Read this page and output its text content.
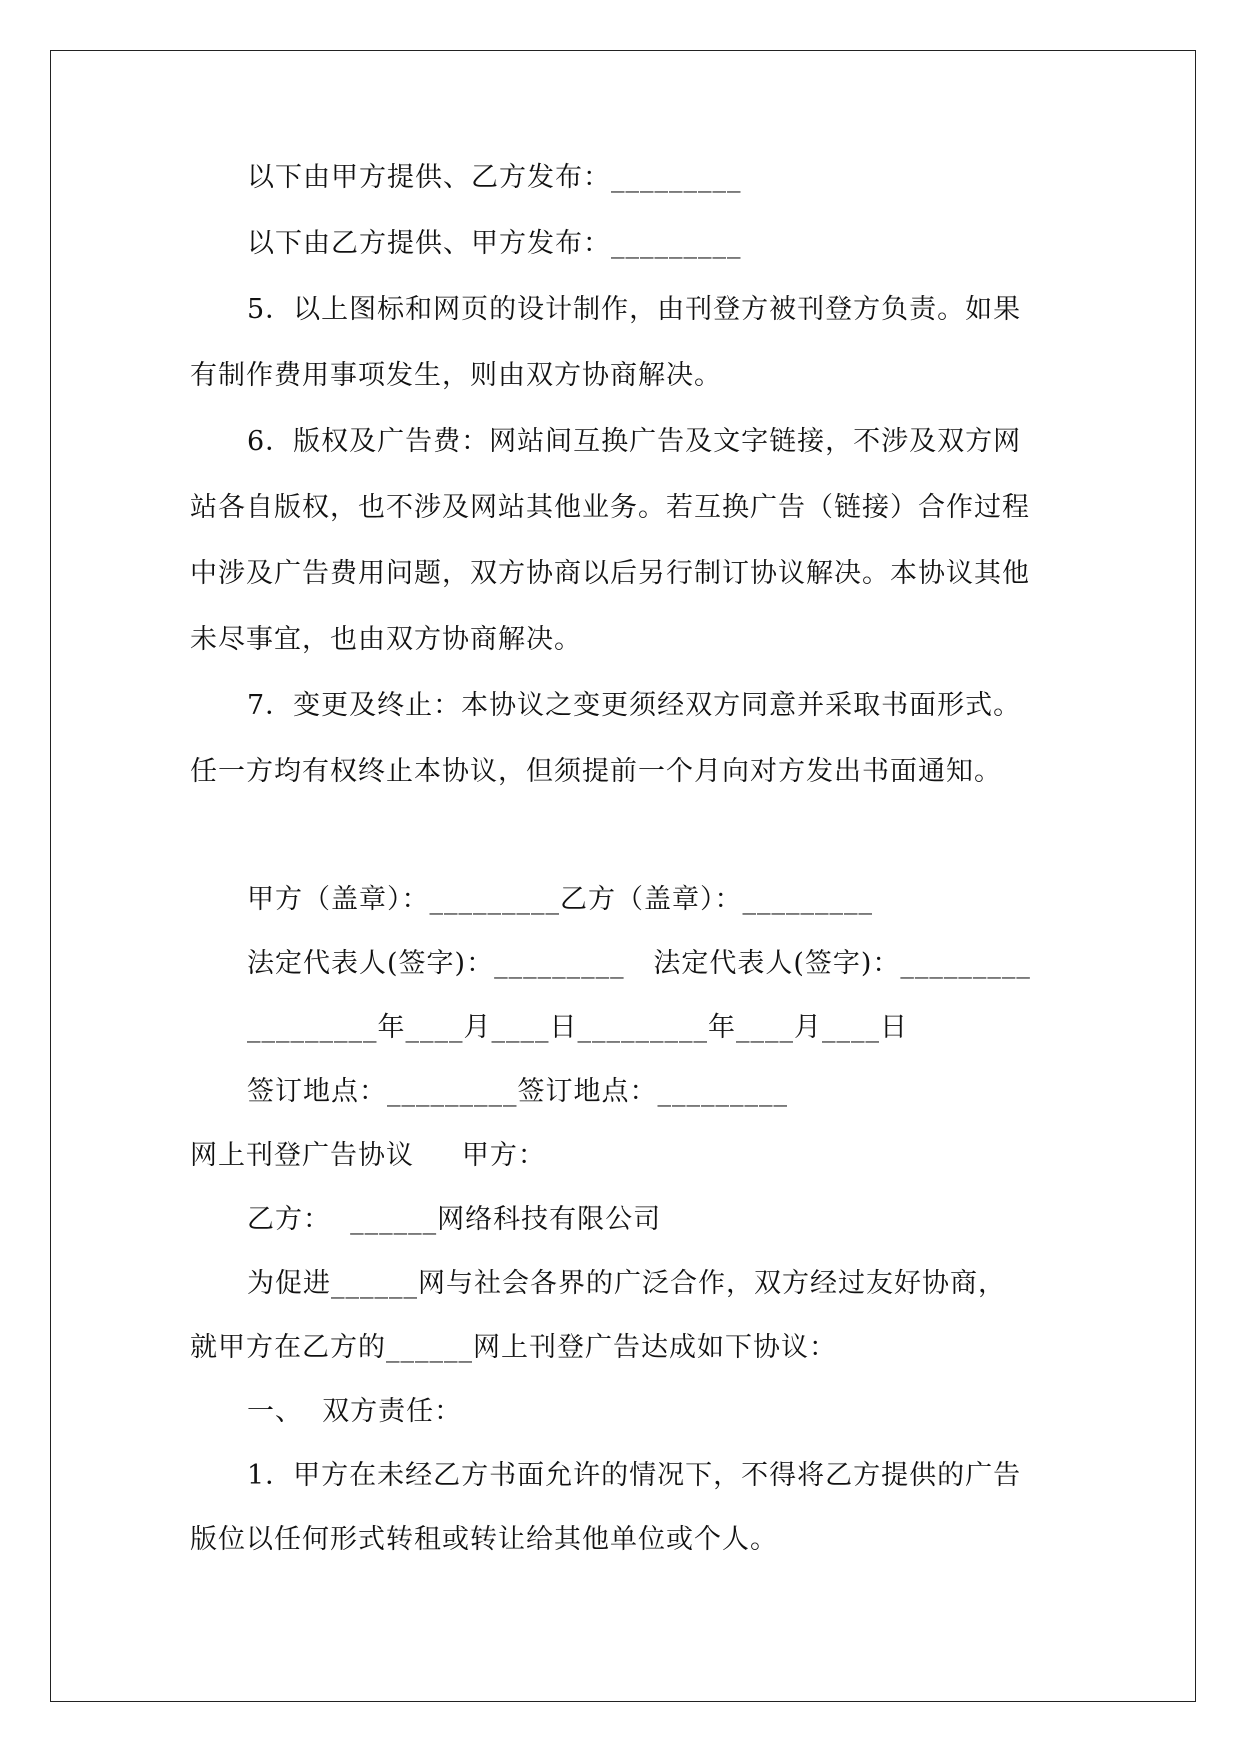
以下由甲方提供、乙方发布：_________
以下由乙方提供、甲方发布：_________
5．以上图标和网页的设计制作，由刊登方被刊登方负责。如果
有制作费用事项发生，则由双方协商解决。
6．版权及广告费：网站间互换广告及文字链接，不涉及双方网
站各自版权，也不涉及网站其他业务。若互换广告（链接）合作过程
中涉及广告费用问题，双方协商以后另行制订协议解决。本协议其他
未尽事宜，也由双方协商解决。
7．变更及终止：本协议之变更须经双方同意并采取书面形式。
任一方均有权终止本协议，但须提前一个月向对方发出书面通知。
甲方（盖章）：_________乙方（盖章）：_________
法定代表人(签字)：_________   法定代表人(签字)：_________
_________年____月____日_________年____月____日
签订地点：_________签订地点：_________
网上刊登广告协议     甲方：
乙方：  ______网络科技有限公司
为促进______网与社会各界的广泛合作，双方经过友好协商，
就甲方在乙方的______网上刊登广告达成如下协议：
一、  双方责任：
1．甲方在未经乙方书面允许的情况下，不得将乙方提供的广告
版位以任何形式转租或转让给其他单位或个人。
